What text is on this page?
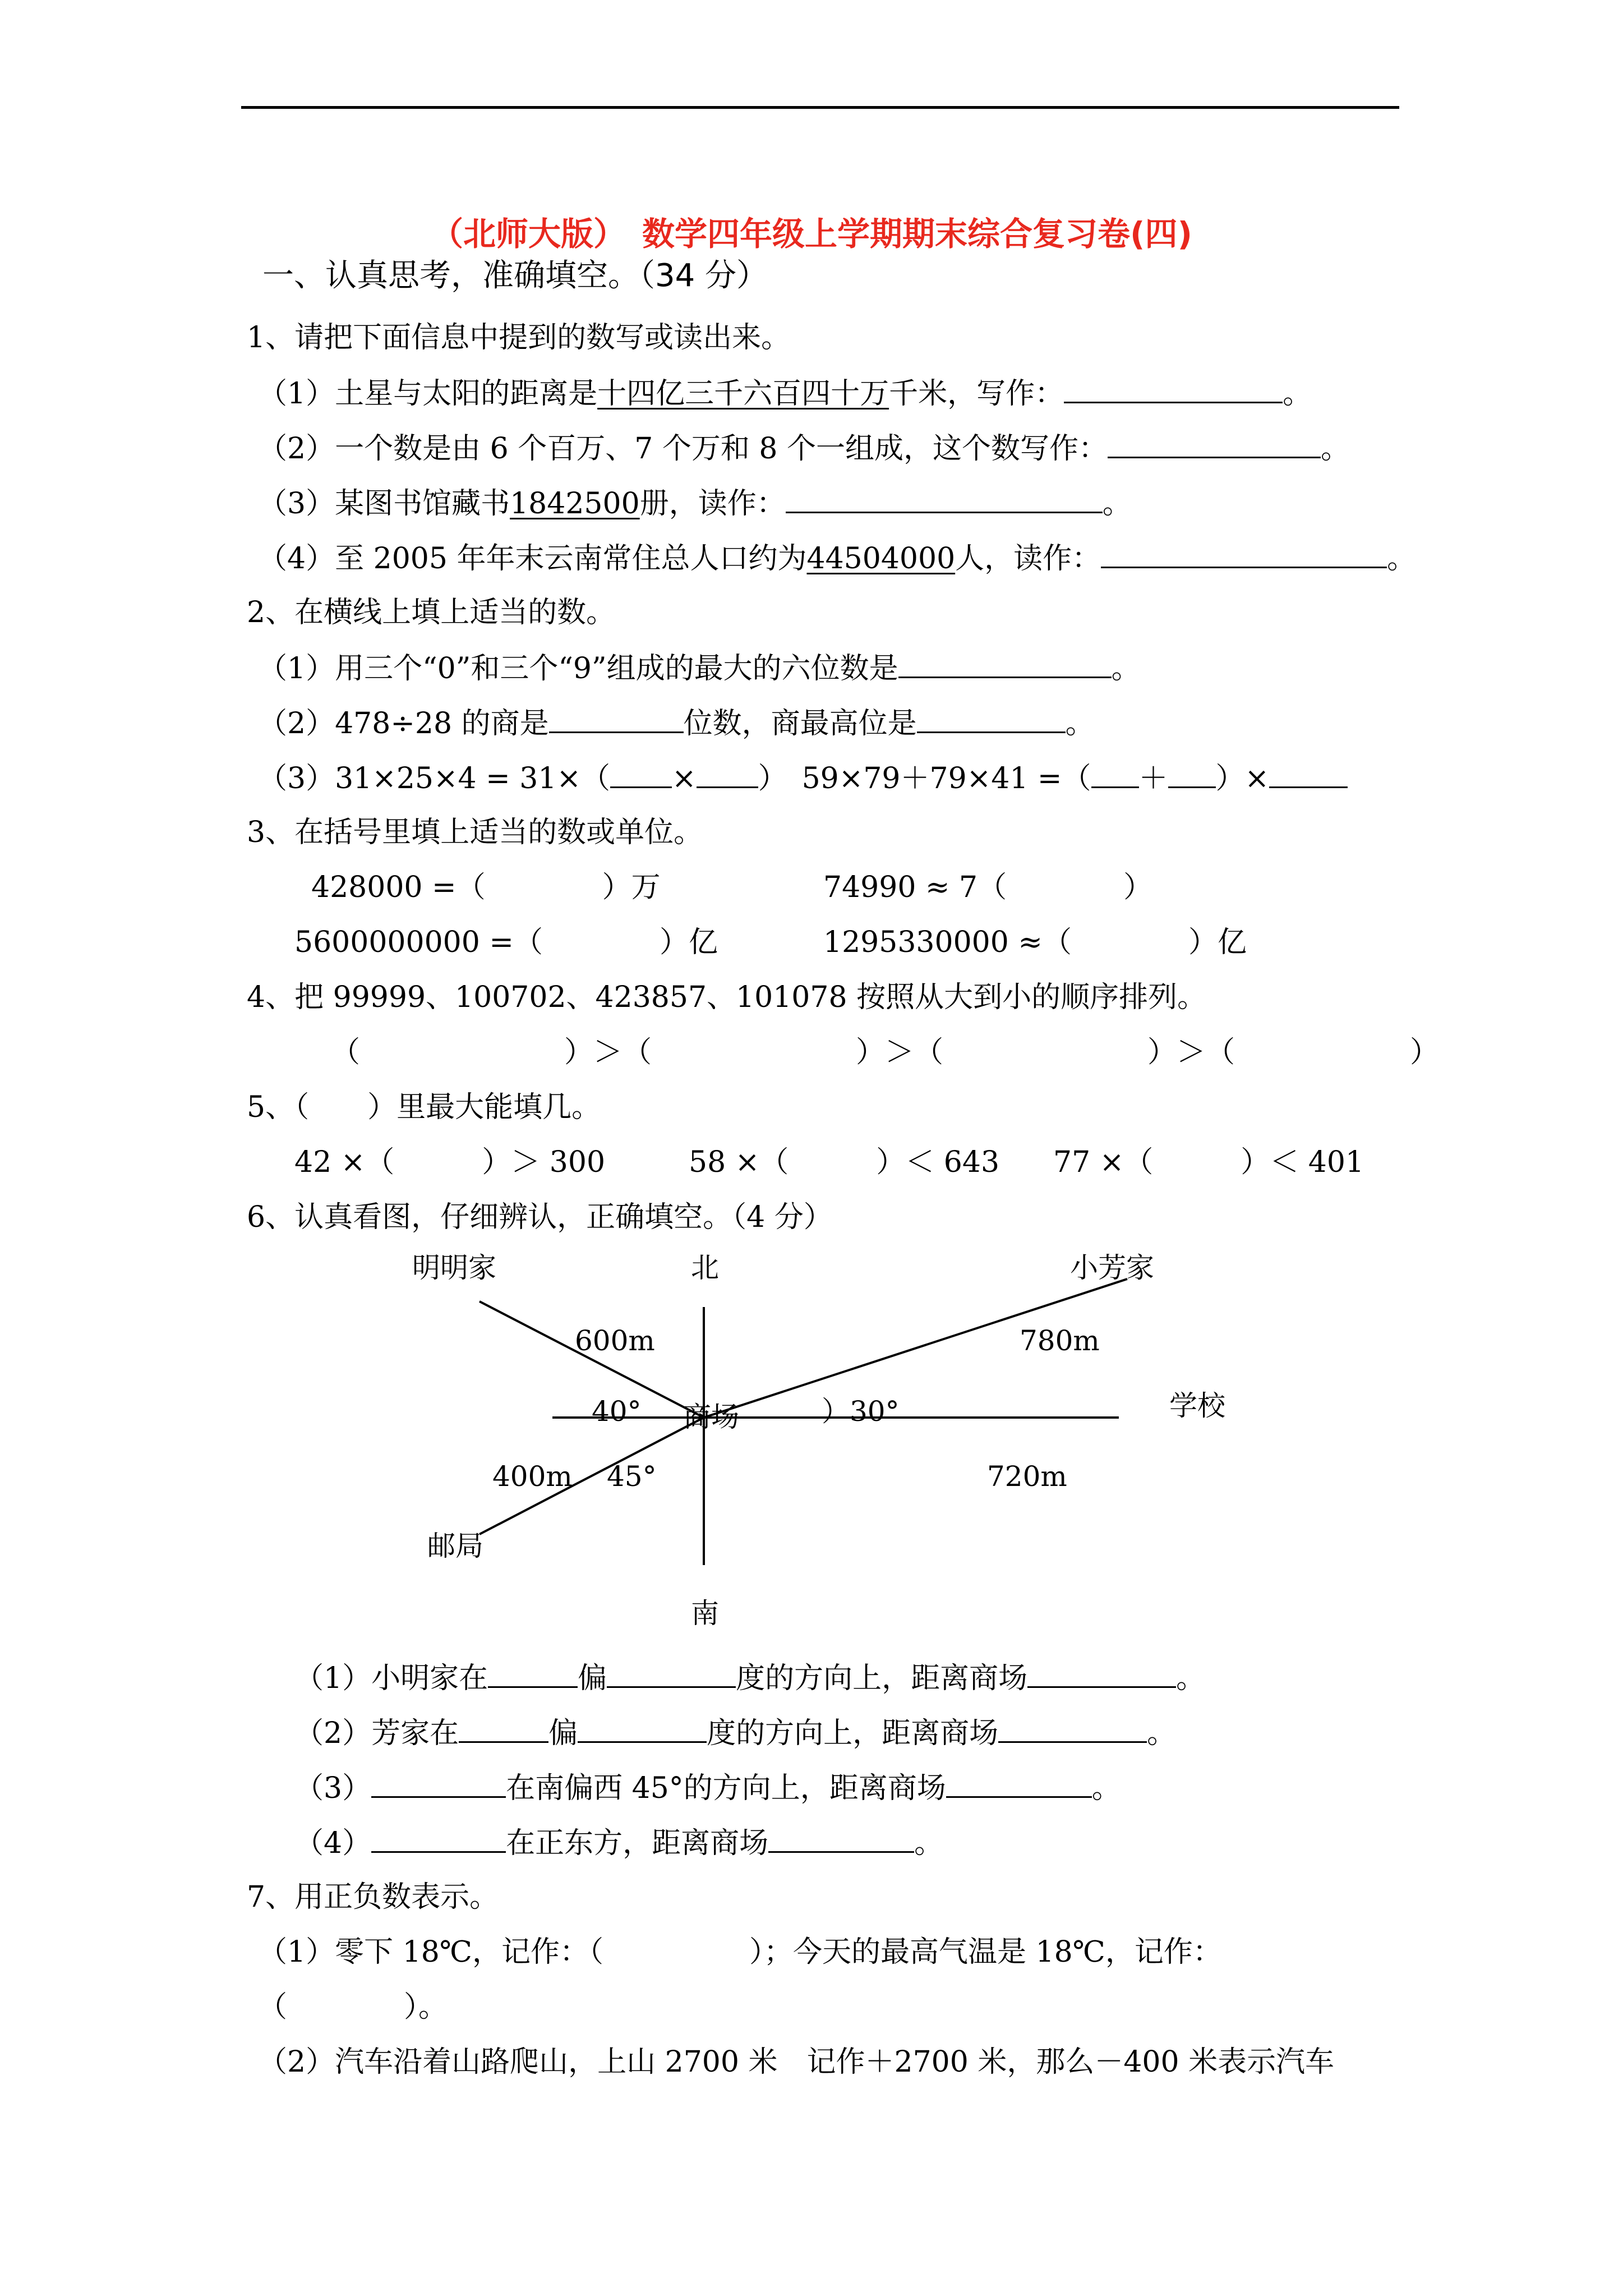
（北师大版）　数学四年级上学期期末综合复习卷(四)
一、认真思考，准确填空。（34 分）
1、请把下面信息中提到的数写或读出来。
（1）土星与太阳的距离是十四亿三千六百四十万千米，写作：	。
（2）一个数是由 6 个百万、7 个万和 8 个一组成，这个数写作：	。
（3）某图书馆藏书1842500册，读作：	。
（4）至 2005 年年末云南常住总人口约为44504000人，读作：	。
2、在横线上填上适当的数。
（1）用三个“0”和三个“9”组成的最大的六位数是	。
（2）478÷28 的商是	位数，商最高位是	。
（3）31×25×4 = 31×（ × ）　59×79＋79×41 =（ ＋ ）×
3、在括号里填上适当的数或单位。
428000 =（　　　　）万	74990 ≈ 7（　　　　）
5600000000 =（　　　　）亿	1295330000 ≈（　　　　）亿
4、把 99999、100702、423857、101078 按照从大到小的顺序排列。
（　　　　　　　）＞（　　　　　　　）＞（　　　　　　　）＞（　　　　　　）
5、（　　）里最大能填几。
42 ×（　　　）＞ 300	58 ×（　　　）＜ 643 77 ×（　　　）＜ 401
6、认真看图，仔细辨认，正确填空。（4 分）
北
南
商场
明明家	小芳家
学校
邮局
600m	780m
720m
400m
40°	）30°
45°
（1）小明家在	偏	度的方向上，距离商场	。
（2）芳家在	偏	度的方向上，距离商场	。
（3）	在南偏西 45°的方向上，距离商场	。
（4）	在正东方，距离商场	。
7、用正负数表示。
（1）零下 18℃，记作：（　　　　　）；今天的最高气温是 18℃，记作：
（　　　　）。
（2）汽车沿着山路爬山，上山 2700 米　记作＋2700 米，那么－400 米表示汽车
